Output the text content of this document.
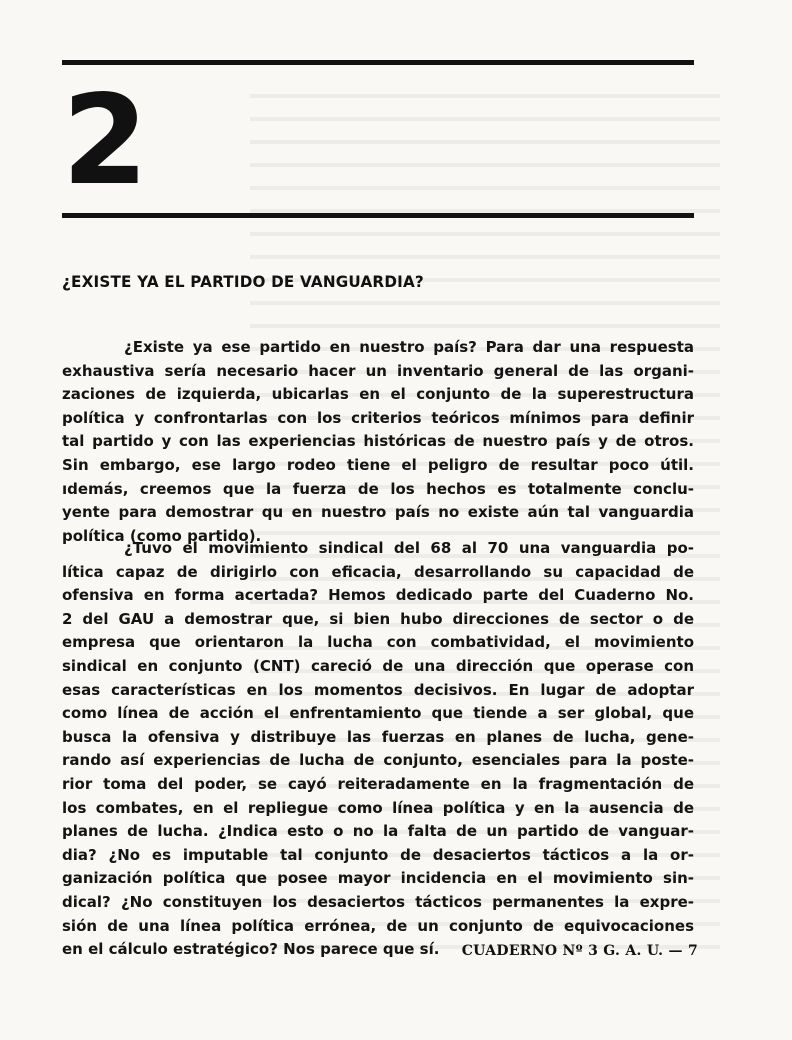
2
¿EXISTE YA EL PARTIDO DE VANGUARDIA?
¿Existe ya ese partido en nuestro país? Para dar una respuesta
exhaustiva sería necesario hacer un inventario general de las organi-
zaciones de izquierda, ubicarlas en el conjunto de la superestructura
política y confrontarlas con los criterios teóricos mínimos para definir
tal partido y con las experiencias históricas de nuestro país y de otros.
Sin embargo, ese largo rodeo tiene el peligro de resultar poco útil.
ıdemás, creemos que la fuerza de los hechos es totalmente conclu-
yente para demostrar qu en nuestro país no existe aún tal vanguardia
política (como partido).
¿Tuvo el movimiento sindical del 68 al 70 una vanguardia po-
lítica capaz de dirigirlo con eficacia, desarrollando su capacidad de
ofensiva en forma acertada? Hemos dedicado parte del Cuaderno No.
2 del GAU a demostrar que, si bien hubo direcciones de sector o de
empresa que orientaron la lucha con combatividad, el movimiento
sindical en conjunto (CNT) careció de una dirección que operase con
esas características en los momentos decisivos. En lugar de adoptar
como línea de acción el enfrentamiento que tiende a ser global, que
busca la ofensiva y distribuye las fuerzas en planes de lucha, gene-
rando así experiencias de lucha de conjunto, esenciales para la poste-
rior toma del poder, se cayó reiteradamente en la fragmentación de
los combates, en el repliegue como línea política y en la ausencia de
planes de lucha. ¿Indica esto o no la falta de un partido de vanguar-
dia? ¿No es imputable tal conjunto de desaciertos tácticos a la or-
ganización política que posee mayor incidencia en el movimiento sin-
dical? ¿No constituyen los desaciertos tácticos permanentes la expre-
sión de una línea política errónea, de un conjunto de equivocaciones
en el cálculo estratégico? Nos parece que sí.	CUADERNO Nº 3 G. A. U. — 7
